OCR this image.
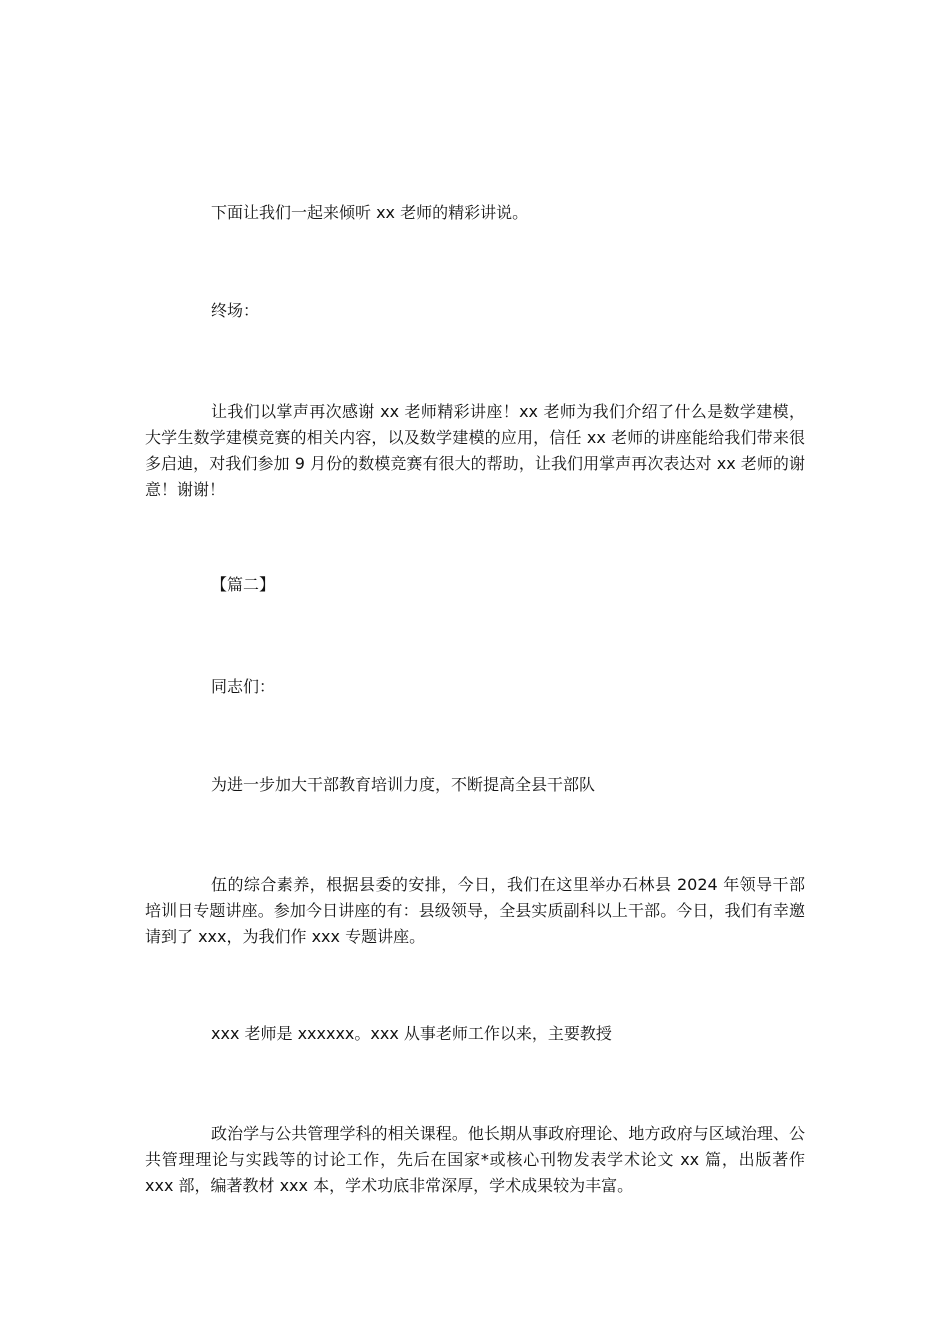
下面让我们一起来倾听 xx 老师的精彩讲说。

终场：

让我们以掌声再次感谢 xx 老师精彩讲座！xx 老师为我们介绍了什么是数学建模，大学生数学建模竞赛的相关内容，以及数学建模的应用，信任 xx 老师的讲座能给我们带来很多启迪，对我们参加 9 月份的数模竞赛有很大的帮助，让我们用掌声再次表达对 xx 老师的谢意！谢谢！

【篇二】

同志们：

为进一步加大干部教育培训力度，不断提高全县干部队

伍的综合素养，根据县委的安排，今日，我们在这里举办石林县 2024 年领导干部培训日专题讲座。参加今日讲座的有：县级领导，全县实质副科以上干部。今日，我们有幸邀请到了 xxx，为我们作 xxx 专题讲座。

xxx 老师是 xxxxxx。xxx 从事老师工作以来，主要教授

政治学与公共管理学科的相关课程。他长期从事政府理论、地方政府与区域治理、公共管理理论与实践等的讨论工作，先后在国家*或核心刊物发表学术论文 xx 篇，出版著作 xxx 部，编著教材 xxx 本，学术功底非常深厚，学术成果较为丰富。
